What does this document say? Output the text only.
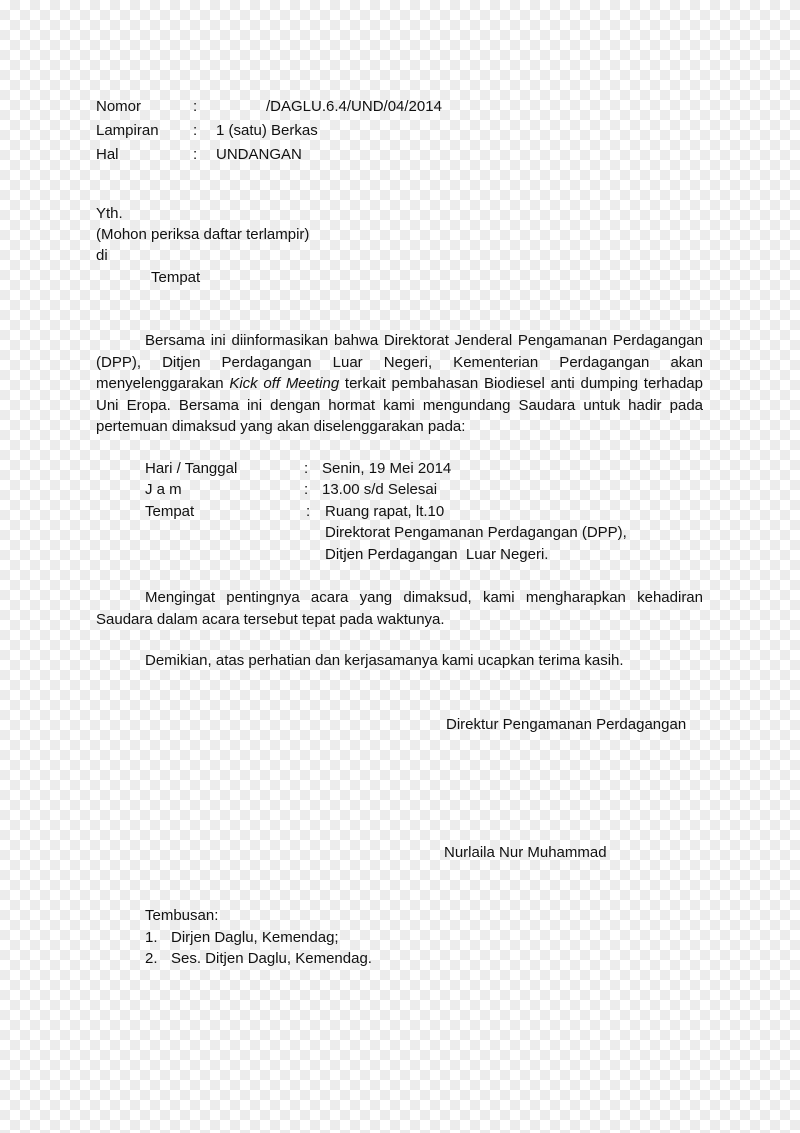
Nomor	:	/DAGLU.6.4/UND/04/2014
Lampiran : 1 (satu) Berkas
Hal	: UNDANGAN
Yth.
(Mohon periksa daftar terlampir)
di
Tempat
Bersama ini diinformasikan bahwa Direktorat Jenderal Pengamanan Perdagangan (DPP), Ditjen Perdagangan Luar Negeri, Kementerian Perdagangan akan menyelenggarakan Kick off Meeting terkait pembahasan Biodiesel anti dumping terhadap Uni Eropa. Bersama ini dengan hormat kami mengundang Saudara untuk hadir pada pertemuan dimaksud yang akan diselenggarakan pada:
Hari / Tanggal	: Senin, 19 Mei 2014
J a m	: 13.00 s/d Selesai
Tempat	: Ruang rapat, lt.10
Direktorat Pengamanan Perdagangan (DPP),
Ditjen Perdagangan  Luar Negeri.
Mengingat pentingnya acara yang dimaksud, kami mengharapkan kehadiran Saudara dalam acara tersebut tepat pada waktunya.
Demikian, atas perhatian dan kerjasamanya kami ucapkan terima kasih.
Direktur Pengamanan Perdagangan
Nurlaila Nur Muhammad
Tembusan:
1. Dirjen Daglu, Kemendag;
2. Ses. Ditjen Daglu, Kemendag.
